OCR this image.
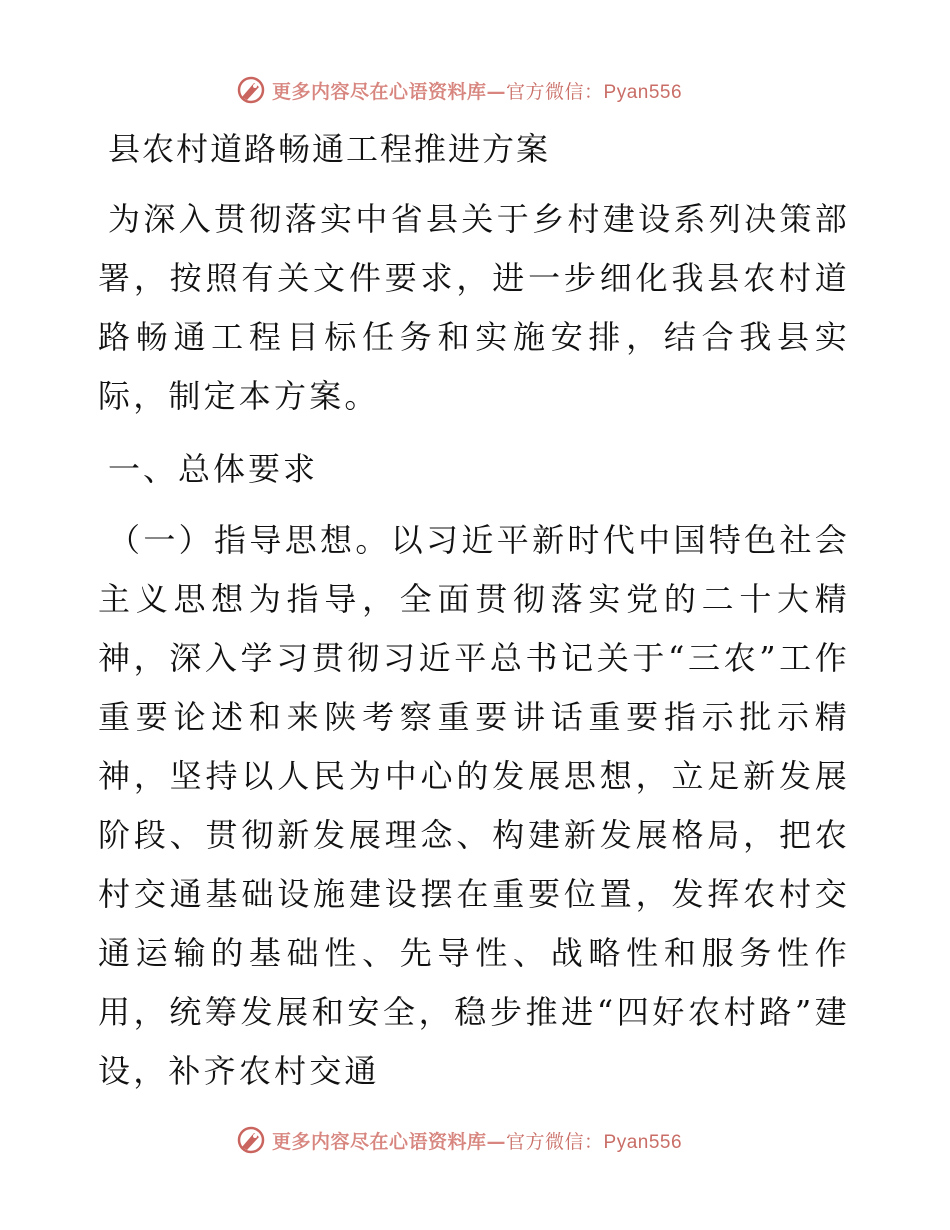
更多内容尽在心语资料库—官方微信：Pyan556
县农村道路畅通工程推进方案

为深入贯彻落实中省县关于乡村建设系列决策部署，按照有关文件要求，进一步细化我县农村道路畅通工程目标任务和实施安排，结合我县实际，制定本方案。

一、总体要求

（一）指导思想。以习近平新时代中国特色社会主义思想为指导，全面贯彻落实党的二十大精神，深入学习贯彻习近平总书记关于“三农”工作重要论述和来陕考察重要讲话重要指示批示精神，坚持以人民为中心的发展思想，立足新发展阶段、贯彻新发展理念、构建新发展格局，把农村交通基础设施建设摆在重要位置，发挥农村交通运输的基础性、先导性、战略性和服务性作用，统筹发展和安全，稳步推进“四好农村路”建设，补齐农村交通

更多内容尽在心语资料库—官方微信：Pyan556
